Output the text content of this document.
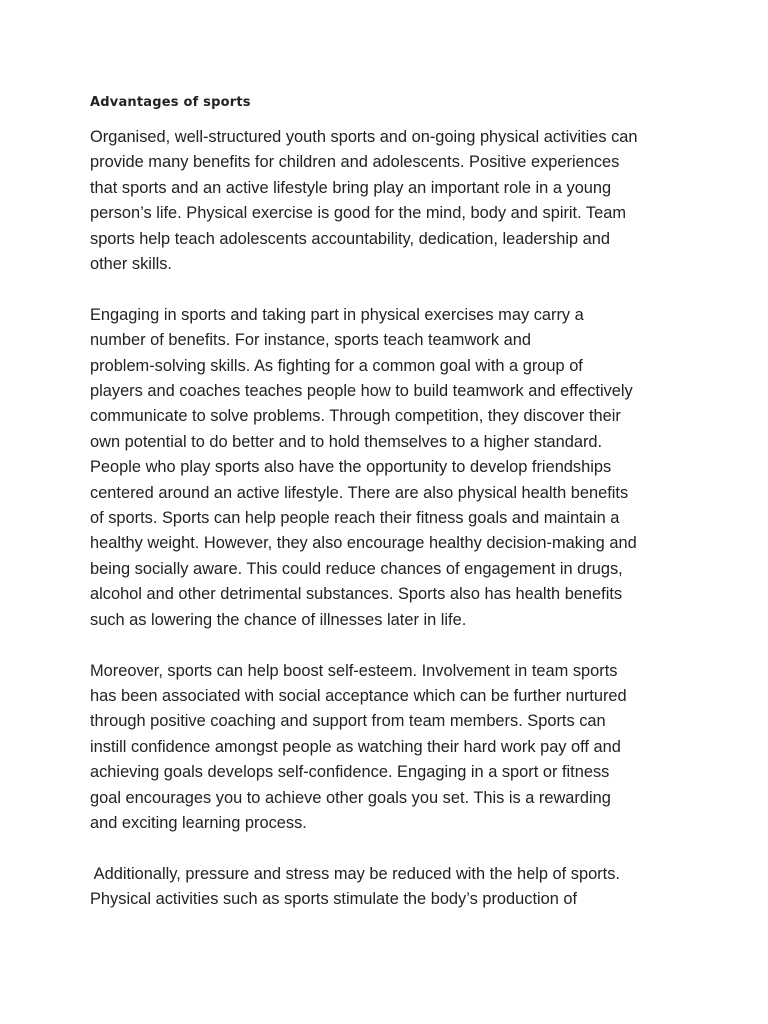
Advantages of sports

Organised, well-structured youth sports and on-going physical activities can
provide many benefits for children and adolescents. Positive experiences
that sports and an active lifestyle bring play an important role in a young
person’s life. Physical exercise is good for the mind, body and spirit. Team
sports help teach adolescents accountability, dedication, leadership and
other skills.

Engaging in sports and taking part in physical exercises may carry a
number of benefits. For instance, sports teach teamwork and
problem-solving skills. As fighting for a common goal with a group of
players and coaches teaches people how to build teamwork and effectively
communicate to solve problems. Through competition, they discover their
own potential to do better and to hold themselves to a higher standard.
People who play sports also have the opportunity to develop friendships
centered around an active lifestyle. There are also physical health benefits
of sports. Sports can help people reach their fitness goals and maintain a
healthy weight. However, they also encourage healthy decision-making and
being socially aware. This could reduce chances of engagement in drugs,
alcohol and other detrimental substances. Sports also has health benefits
such as lowering the chance of illnesses later in life.

Moreover, sports can help boost self-esteem. Involvement in team sports
has been associated with social acceptance which can be further nurtured
through positive coaching and support from team members. Sports can
instill confidence amongst people as watching their hard work pay off and
achieving goals develops self-confidence. Engaging in a sport or fitness
goal encourages you to achieve other goals you set. This is a rewarding
and exciting learning process.

Additionally, pressure and stress may be reduced with the help of sports.
Physical activities such as sports stimulate the body’s production of
